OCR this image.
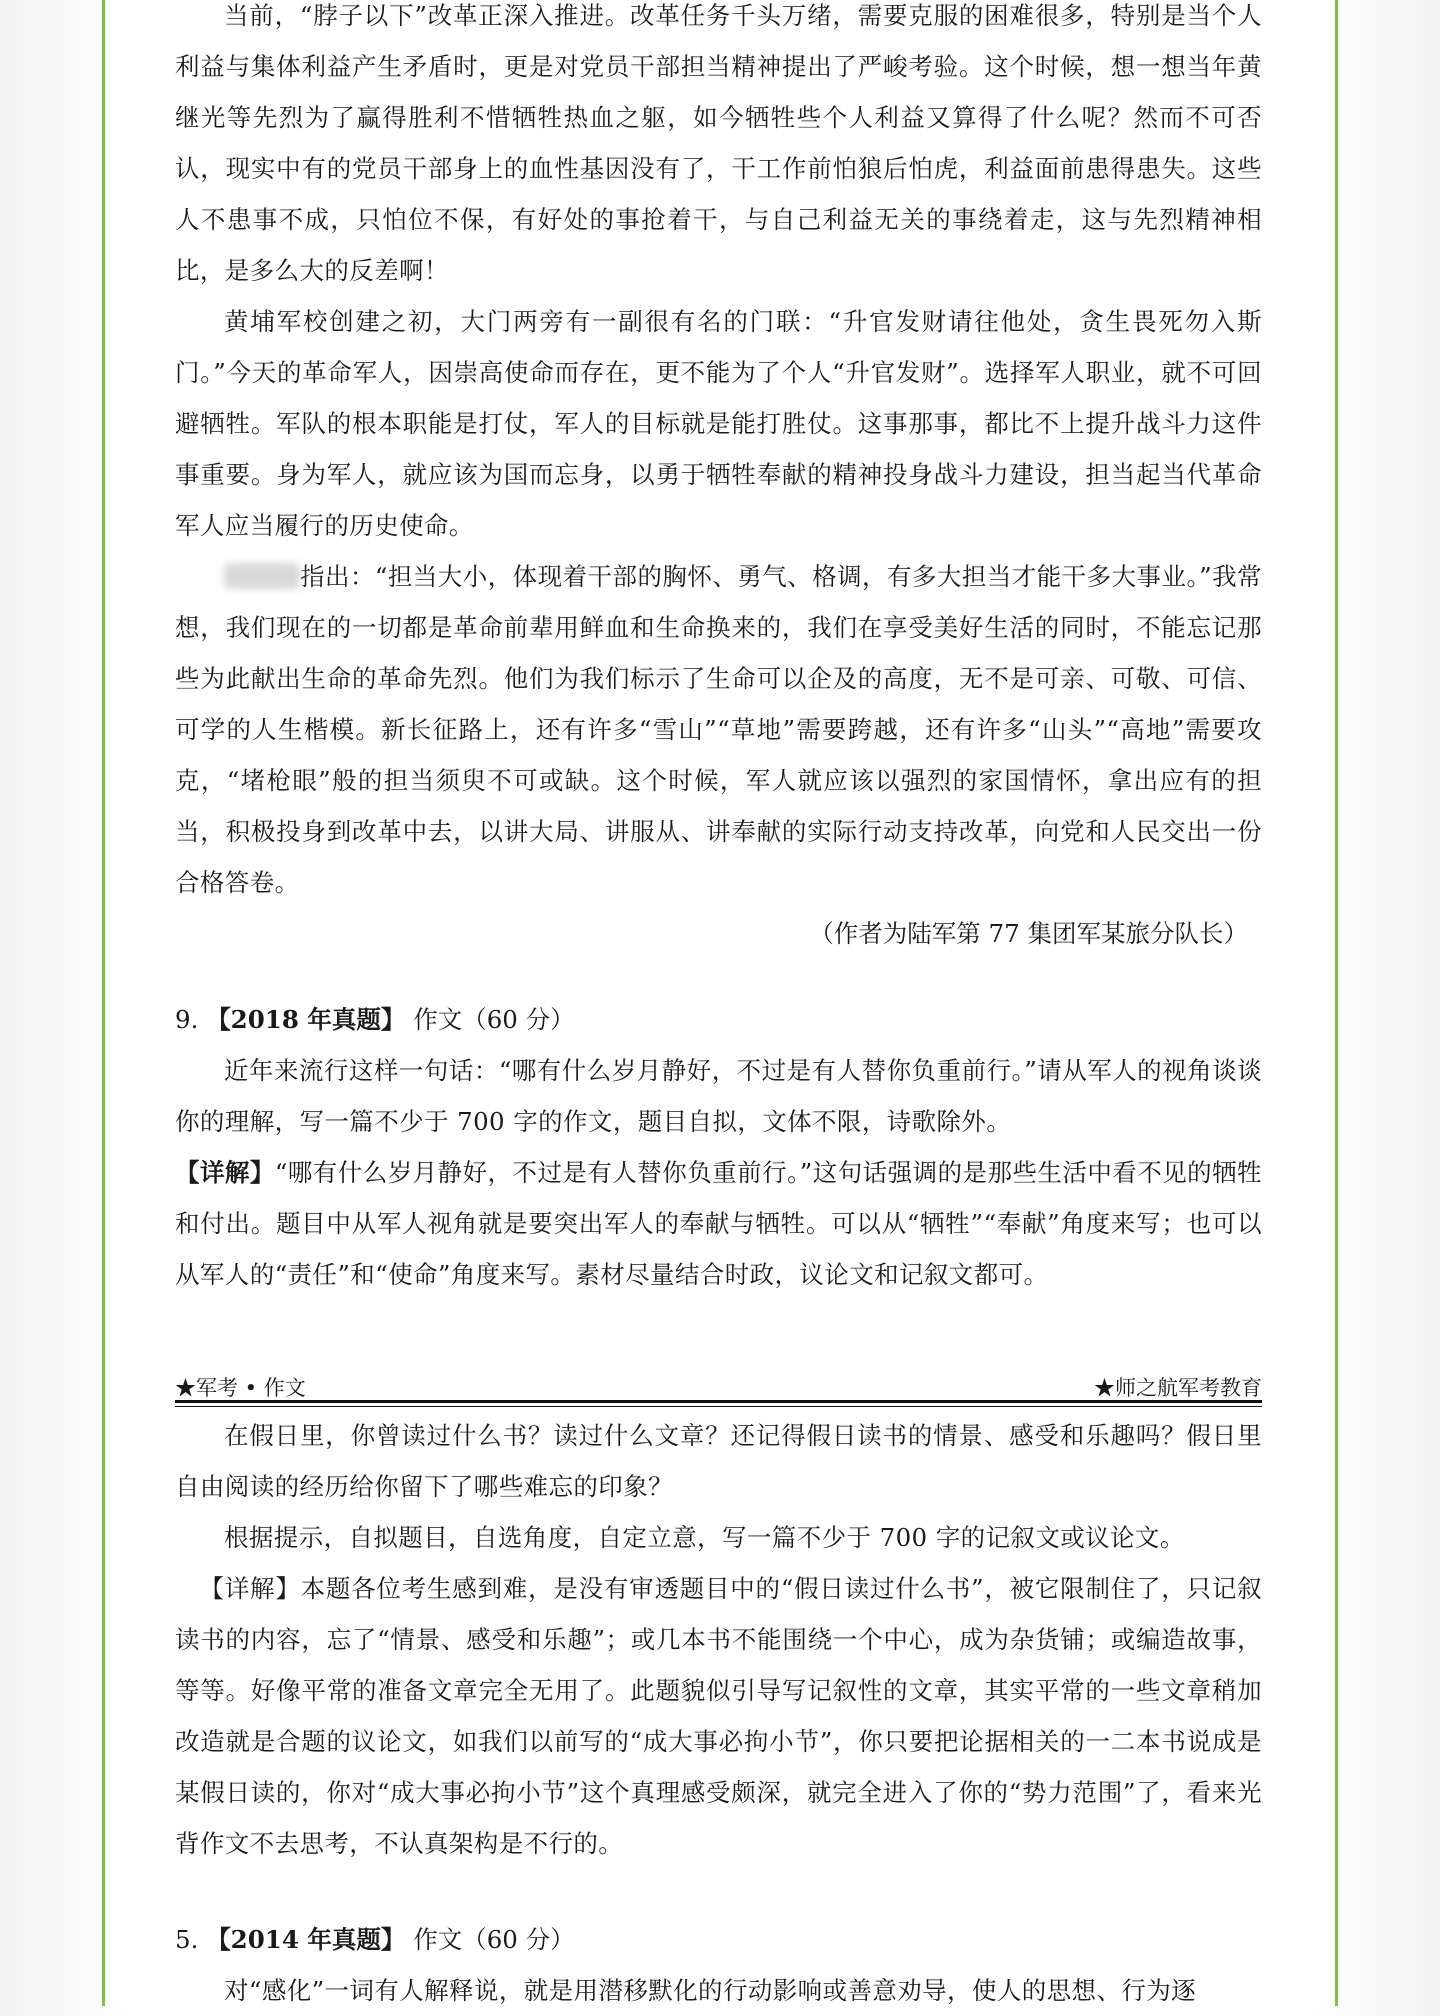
当前，“脖子以下”改革正深入推进。改革任务千头万绪，需要克服的困难很多，特别是当个人利益与集体利益产生矛盾时，更是对党员干部担当精神提出了严峻考验。这个时候，想一想当年黄继光等先烈为了赢得胜利不惜牺牲热血之躯，如今牺牲些个人利益又算得了什么呢？然而不可否认，现实中有的党员干部身上的血性基因没有了，干工作前怕狼后怕虎，利益面前患得患失。这些人不患事不成，只怕位不保，有好处的事抢着干，与自己利益无关的事绕着走，这与先烈精神相比，是多么大的反差啊！

黄埔军校创建之初，大门两旁有一副很有名的门联：“升官发财请往他处，贪生畏死勿入斯门。”今天的革命军人，因崇高使命而存在，更不能为了个人“升官发财”。选择军人职业，就不可回避牺牲。军队的根本职能是打仗，军人的目标就是能打胜仗。这事那事，都比不上提升战斗力这件事重要。身为军人，就应该为国而忘身，以勇于牺牲奉献的精神投身战斗力建设，担当起当代革命军人应当履行的历史使命。

指出：“担当大小，体现着干部的胸怀、勇气、格调，有多大担当才能干多大事业。”我常想，我们现在的一切都是革命前辈用鲜血和生命换来的，我们在享受美好生活的同时，不能忘记那些为此献出生命的革命先烈。他们为我们标示了生命可以企及的高度，无不是可亲、可敬、可信、可学的人生楷模。新长征路上，还有许多“雪山”“草地”需要跨越，还有许多“山头”“高地”需要攻克，“堵枪眼”般的担当须臾不可或缺。这个时候，军人就应该以强烈的家国情怀，拿出应有的担当，积极投身到改革中去，以讲大局、讲服从、讲奉献的实际行动支持改革，向党和人民交出一份合格答卷。

（作者为陆军第 77 集团军某旅分队长）

9. 【2018 年真题】 作文（60 分）

近年来流行这样一句话：“哪有什么岁月静好，不过是有人替你负重前行。”请从军人的视角谈谈你的理解，写一篇不少于 700 字的作文，题目自拟，文体不限，诗歌除外。

【详解】“哪有什么岁月静好，不过是有人替你负重前行。”这句话强调的是那些生活中看不见的牺牲和付出。题目中从军人视角就是要突出军人的奉献与牺牲。可以从“牺牲”“奉献”角度来写；也可以从军人的“责任”和“使命”角度来写。素材尽量结合时政，议论文和记叙文都可。

★军考 • 作文	★师之航军考教育

在假日里，你曾读过什么书？读过什么文章？还记得假日读书的情景、感受和乐趣吗？假日里自由阅读的经历给你留下了哪些难忘的印象？

根据提示，自拟题目，自选角度，自定立意，写一篇不少于 700 字的记叙文或议论文。

【详解】本题各位考生感到难，是没有审透题目中的“假日读过什么书”，被它限制住了，只记叙读书的内容，忘了“情景、感受和乐趣”；或几本书不能围绕一个中心，成为杂货铺；或编造故事，等等。好像平常的准备文章完全无用了。此题貌似引导写记叙性的文章，其实平常的一些文章稍加改造就是合题的议论文，如我们以前写的“成大事必拘小节”，你只要把论据相关的一二本书说成是某假日读的，你对“成大事必拘小节”这个真理感受颇深，就完全进入了你的“势力范围”了，看来光背作文不去思考，不认真架构是不行的。

5. 【2014 年真题】 作文（60 分）

对“感化”一词有人解释说，就是用潜移默化的行动影响或善意劝导，使人的思想、行为逐
